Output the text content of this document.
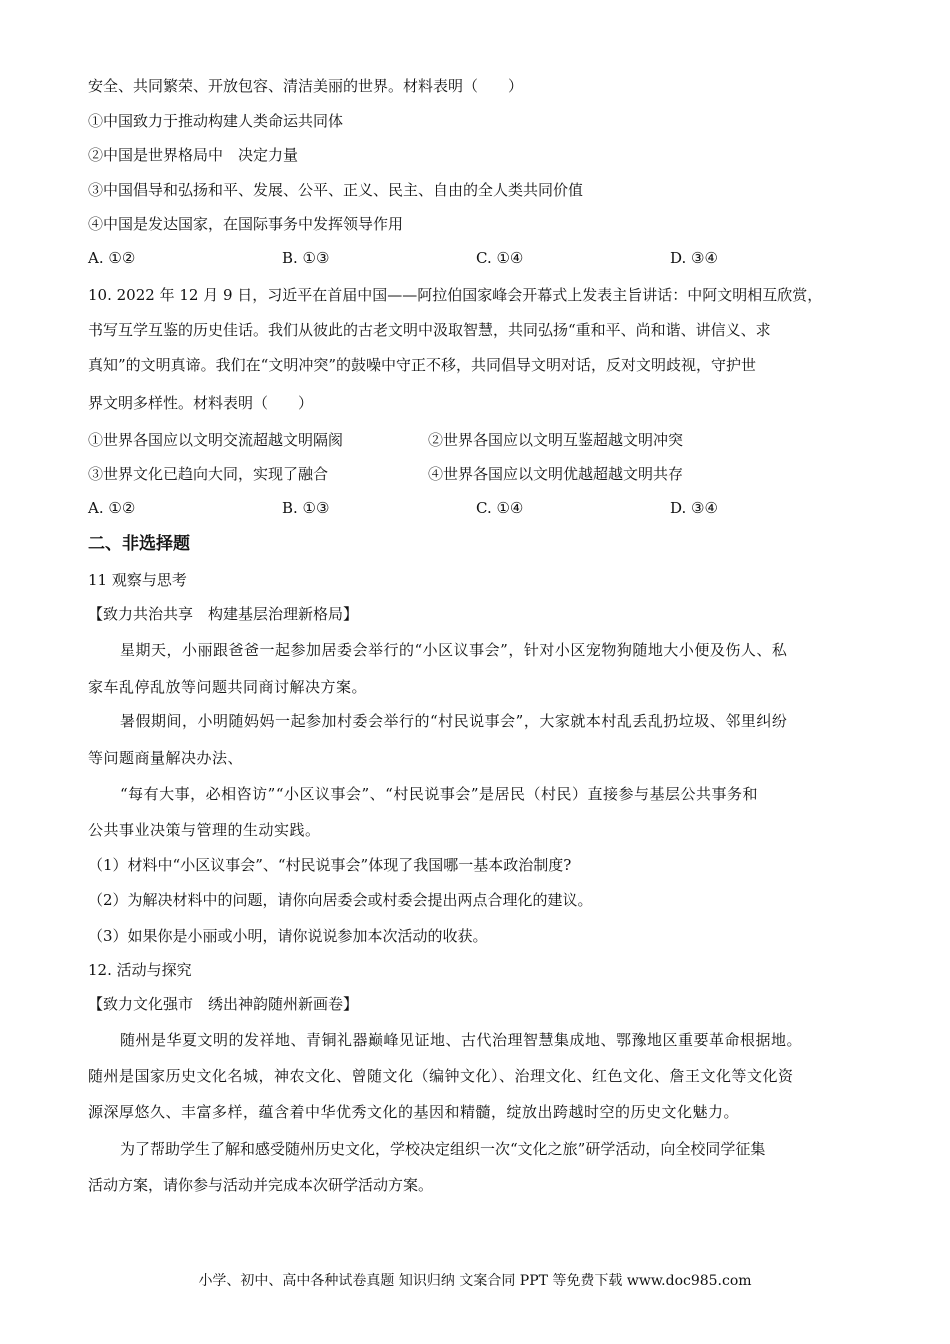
安全、共同繁荣、开放包容、清洁美丽的世界。材料表明（　　）
①中国致力于推动构建人类命运共同体
②中国是世界格局中　决定力量
③中国倡导和弘扬和平、发展、公平、正义、民主、自由的全人类共同价值
④中国是发达国家，在国际事务中发挥领导作用
A. ①②	B. ①③	C. ①④	D. ③④
10. 2022 年 12 月 9 日，习近平在首届中国——阿拉伯国家峰会开幕式上发表主旨讲话：中阿文明相互欣赏，
书写互学互鉴的历史佳话。我们从彼此的古老文明中汲取智慧，共同弘扬“重和平、尚和谐、讲信义、求
真知”的文明真谛。我们在“文明冲突”的鼓噪中守正不移，共同倡导文明对话，反对文明歧视，守护世
界文明多样性。材料表明（　　）
①世界各国应以文明交流超越文明隔阂	②世界各国应以文明互鉴超越文明冲突
③世界文化已趋向大同，实现了融合	④世界各国应以文明优越超越文明共存
A. ①②	B. ①③	C. ①④	D. ③④
二、非选择题
11 观察与思考
【致力共治共享　构建基层治理新格局】
星期天，小丽跟爸爸一起参加居委会举行的“小区议事会”，针对小区宠物狗随地大小便及伤人、私
家车乱停乱放等问题共同商讨解决方案。
暑假期间，小明随妈妈一起参加村委会举行的“村民说事会”，大家就本村乱丢乱扔垃圾、邻里纠纷
等问题商量解决办法、
“每有大事，必相咨访”“小区议事会”、“村民说事会”是居民（村民）直接参与基层公共事务和
公共事业决策与管理的生动实践。
（1）材料中“小区议事会”、“村民说事会”体现了我国哪一基本政治制度?
（2）为解决材料中的问题，请你向居委会或村委会提出两点合理化的建议。
（3）如果你是小丽或小明，请你说说参加本次活动的收获。
12. 活动与探究
【致力文化强市　绣出神韵随州新画卷】
随州是华夏文明的发祥地、青铜礼器巅峰见证地、古代治理智慧集成地、鄂豫地区重要革命根据地。
随州是国家历史文化名城，神农文化、曾随文化（编钟文化）、治理文化、红色文化、詹王文化等文化资
源深厚悠久、丰富多样，蕴含着中华优秀文化的基因和精髓，绽放出跨越时空的历史文化魅力。
为了帮助学生了解和感受随州历史文化，学校决定组织一次“文化之旅”研学活动，向全校同学征集
活动方案，请你参与活动并完成本次研学活动方案。
小学、初中、高中各种试卷真题 知识归纳 文案合同 PPT 等免费下载 www.doc985.com
